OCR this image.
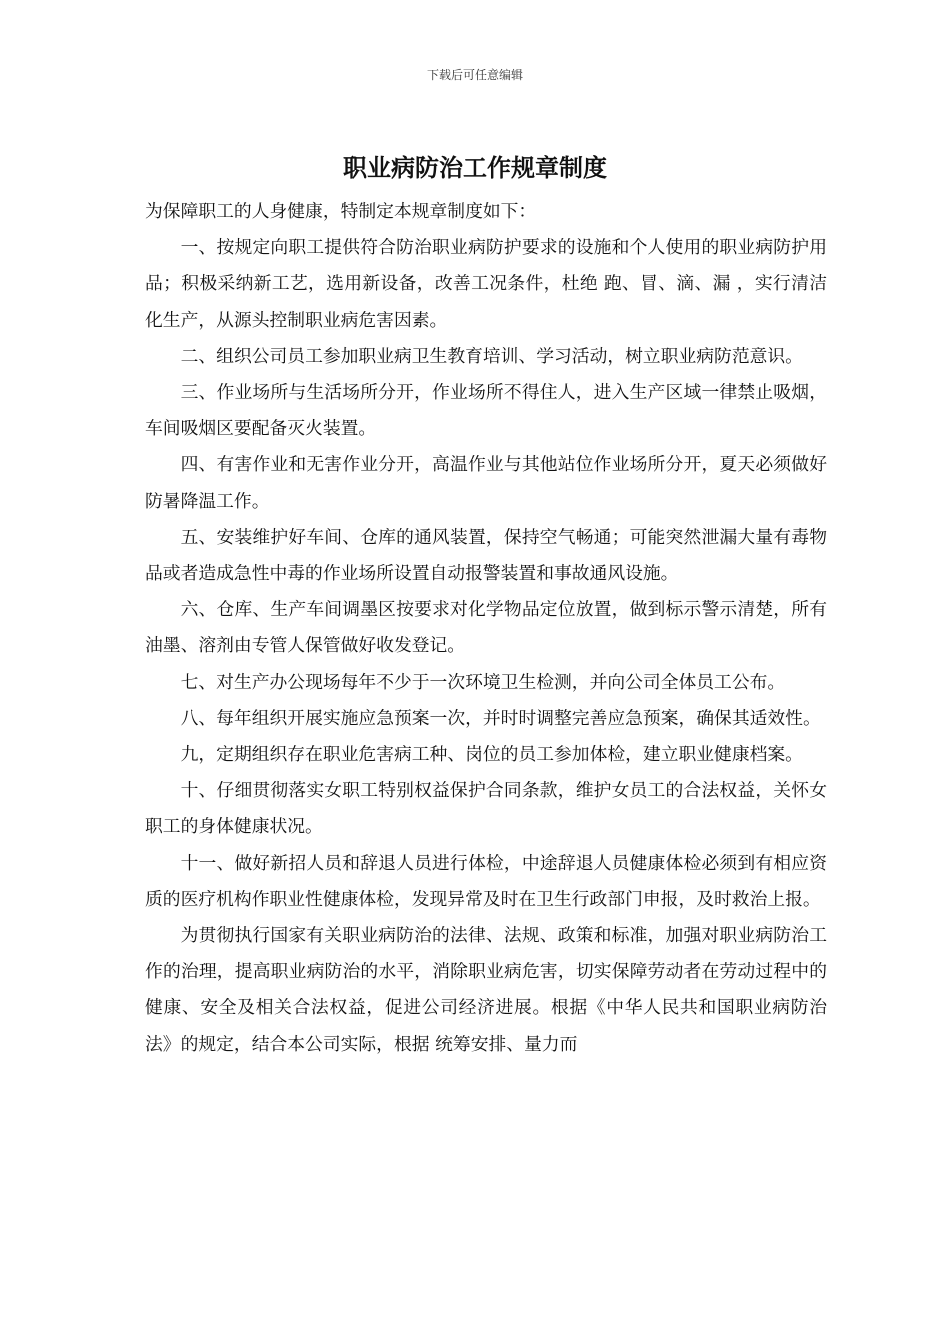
下载后可任意编辑
职业病防治工作规章制度

为保障职工的人身健康，特制定本规章制度如下：

一、按规定向职工提供符合防治职业病防护要求的设施和个人使用的职业病防护用品；积极采纳新工艺，选用新设备，改善工况条件，杜绝 跑、冒、滴、漏 ，实行清洁化生产，从源头控制职业病危害因素。

二、组织公司员工参加职业病卫生教育培训、学习活动，树立职业病防范意识。

三、作业场所与生活场所分开，作业场所不得住人，进入生产区域一律禁止吸烟，车间吸烟区要配备灭火装置。

四、有害作业和无害作业分开，高温作业与其他站位作业场所分开，夏天必须做好防暑降温工作。

五、安装维护好车间、仓库的通风装置，保持空气畅通；可能突然泄漏大量有毒物品或者造成急性中毒的作业场所设置自动报警装置和事故通风设施。

六、仓库、生产车间调墨区按要求对化学物品定位放置，做到标示警示清楚，所有油墨、溶剂由专管人保管做好收发登记。

七、对生产办公现场每年不少于一次环境卫生检测，并向公司全体员工公布。

八、每年组织开展实施应急预案一次，并时时调整完善应急预案，确保其适效性。

九，定期组织存在职业危害病工种、岗位的员工参加体检，建立职业健康档案。

十、仔细贯彻落实女职工特别权益保护合同条款，维护女员工的合法权益，关怀女职工的身体健康状况。

十一、做好新招人员和辞退人员进行体检，中途辞退人员健康体检必须到有相应资质的医疗机构作职业性健康体检，发现异常及时在卫生行政部门申报，及时救治上报。

为贯彻执行国家有关职业病防治的法律、法规、政策和标准，加强对职业病防治工作的治理，提高职业病防治的水平，消除职业病危害，切实保障劳动者在劳动过程中的健康、安全及相关合法权益，促进公司经济进展。根据《中华人民共和国职业病防治法》的规定，结合本公司实际，根据 统筹安排、量力而
